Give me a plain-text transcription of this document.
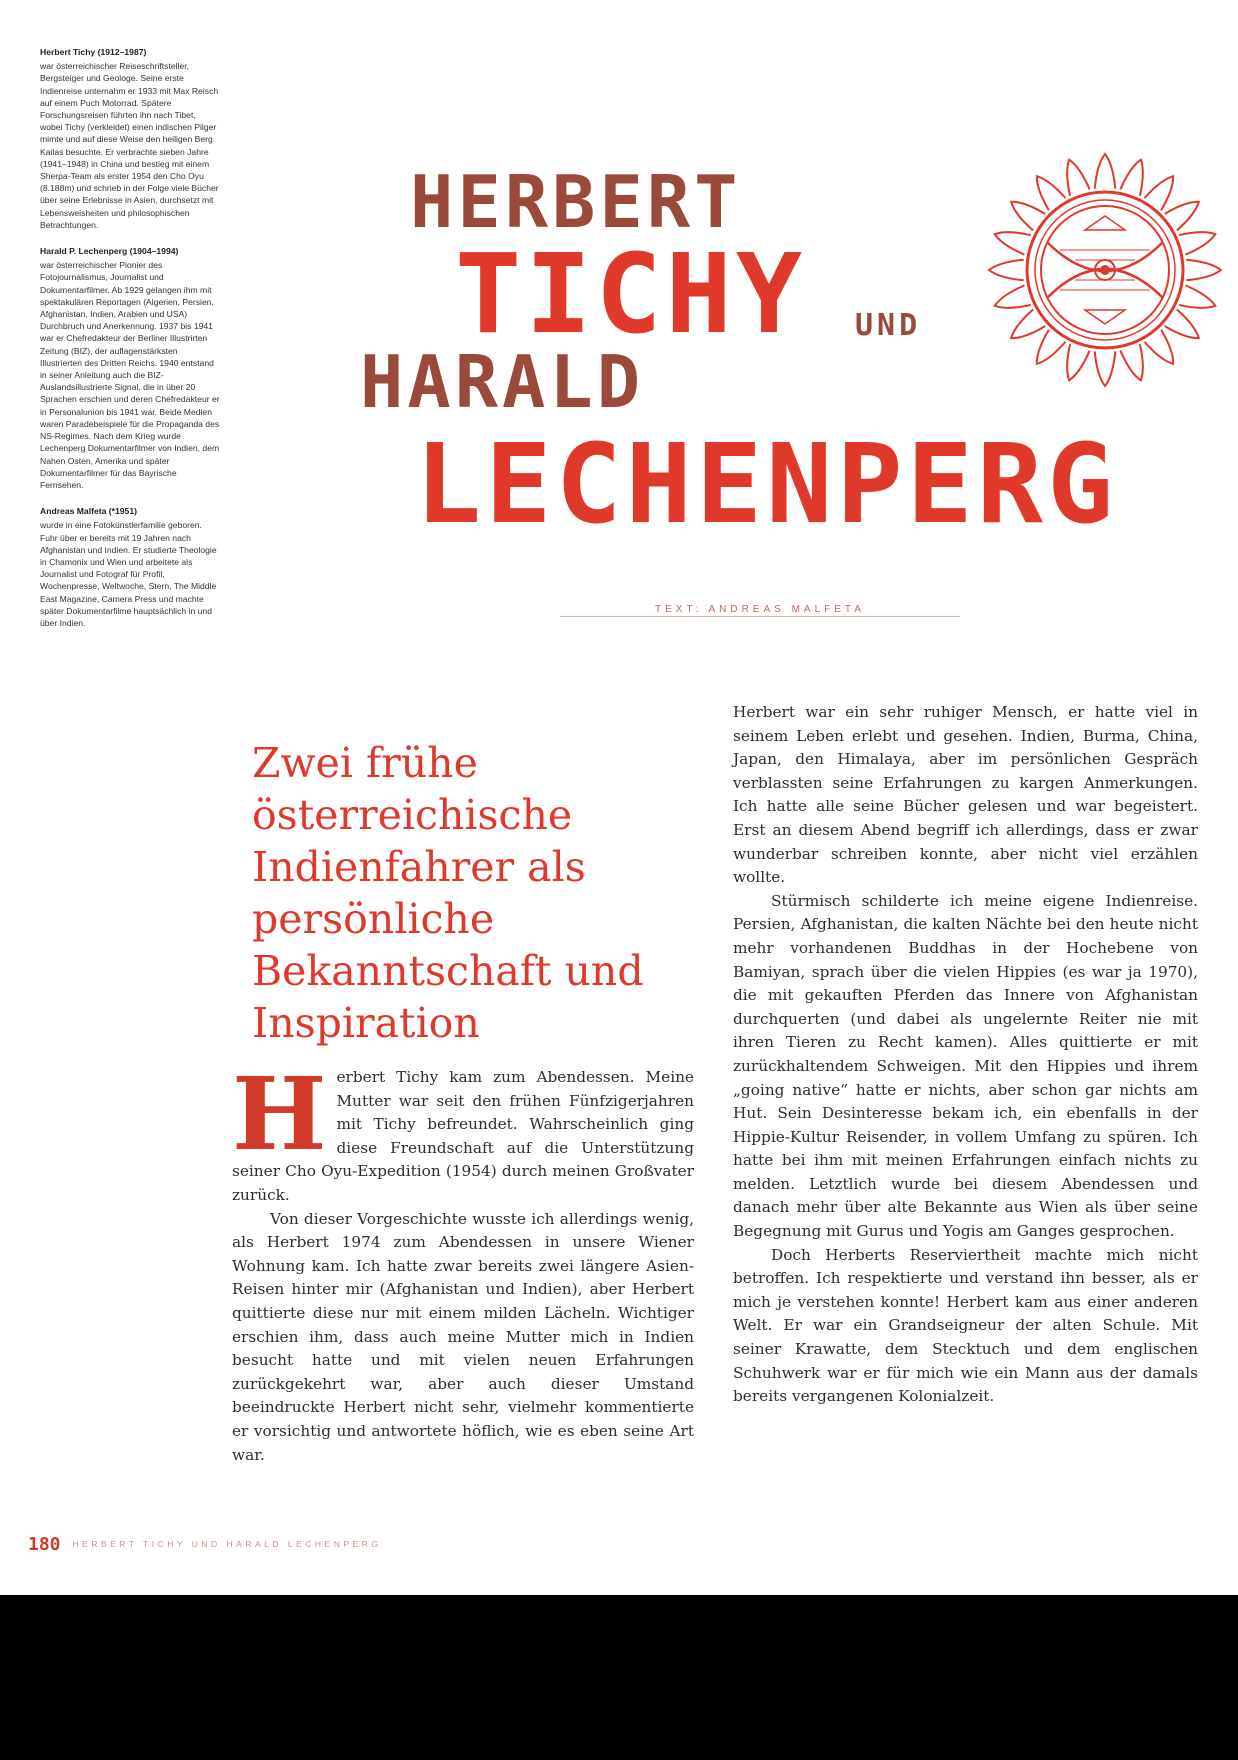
Herbert Tichy (1912–1987)

war österreichischer Reiseschriftsteller, Bergsteiger und Geologe. Seine erste Indienreise unternahm er 1933 mit Max Reisch auf einem Puch Motorrad. Spätere Forschungsreisen führten ihn nach Tibet, wobei Tichy (verkleidet) einen indischen Pilger mimte und auf diese Weise den heiligen Berg Kailas besuchte. Er verbrachte sieben Jahre (1941–1948) in China und bestieg mit einem Sherpa-Team als erster 1954 den Cho Oyu (8.188m) und schrieb in der Folge viele Bücher über seine Erlebnisse in Asien, durchsetzt mit Lebensweisheiten und philosophischen Betrachtungen.

Harald P. Lechenperg (1904–1994)

war österreichischer Pionier des Fotojournalismus, Journalist und Dokumentarfilmer. Ab 1929 gelangen ihm mit spektakulären Reportagen (Algerien, Persien, Afghanistan, Indien, Arabien und USA) Durchbruch und Anerkennung. 1937 bis 1941 war er Chefredakteur der Berliner Illustrirten Zeitung (BIZ), der auflagenstärksten Illustrierten des Dritten Reichs. 1940 entstand in seiner Anleitung auch die BIZ-Auslandsillustrierte Signal, die in über 20 Sprachen erschien und deren Chefredakteur er in Personalunion bis 1941 war. Beide Medien waren Paradebeispiele für die Propaganda des NS-Regimes. Nach dem Krieg wurde Lechenperg Dokumentarfilmer von Indien, dem Nahen Osten, Amerika und später Dokumentarfilmer für das Bayrische Fernsehen.

Andreas Malfeta (*1951)

wurde in eine Fotokünstlerfamilie geboren. Fuhr über er bereits mit 19 Jahren nach Afghanistan und Indien. Er studierte Theologie in Chamonix und Wien und arbeitete als Journalist und Fotograf für Profil, Wochenpresse, Weltwoche, Stern, The Middle East Magazine, Camera Press und machte später Dokumentarfilme hauptsächlich in und über Indien.

HERBERT
TICHY UND
HARALD
LECHENPERG
TEXT: ANDREAS MALFETA
Zwei frühe österreichische Indienfahrer als persönliche Bekanntschaft und Inspiration

Herbert Tichy kam zum Abendessen. Meine Mutter war seit den frühen Fünfzigerjahren mit Tichy befreundet. Wahrscheinlich ging diese Freundschaft auf die Unterstützung seiner Cho Oyu-Expedition (1954) durch meinen Großvater zurück.

Von dieser Vorgeschichte wusste ich allerdings wenig, als Herbert 1974 zum Abendessen in unsere Wiener Wohnung kam. Ich hatte zwar bereits zwei längere Asien-Reisen hinter mir (Afghanistan und Indien), aber Herbert quittierte diese nur mit einem milden Lächeln. Wichtiger erschien ihm, dass auch meine Mutter mich in Indien besucht hatte und mit vielen neuen Erfahrungen zurückgekehrt war, aber auch dieser Umstand beeindruckte Herbert nicht sehr, vielmehr kommentierte er vorsichtig und antwortete höflich, wie es eben seine Art war.

Herbert war ein sehr ruhiger Mensch, er hatte viel in seinem Leben erlebt und gesehen. Indien, Burma, China, Japan, den Himalaya, aber im persönlichen Gespräch verblassten seine Erfahrungen zu kargen Anmerkungen. Ich hatte alle seine Bücher gelesen und war begeistert. Erst an diesem Abend begriff ich allerdings, dass er zwar wunderbar schreiben konnte, aber nicht viel erzählen wollte.

Stürmisch schilderte ich meine eigene Indienreise. Persien, Afghanistan, die kalten Nächte bei den heute nicht mehr vorhandenen Buddhas in der Hochebene von Bamiyan, sprach über die vielen Hippies (es war ja 1970), die mit gekauften Pferden das Innere von Afghanistan durchquerten (und dabei als ungelernte Reiter nie mit ihren Tieren zu Recht kamen). Alles quittierte er mit zurückhaltendem Schweigen. Mit den Hippies und ihrem „going native“ hatte er nichts, aber schon gar nichts am Hut. Sein Desinteresse bekam ich, ein ebenfalls in der Hippie-Kultur Reisender, in vollem Umfang zu spüren. Ich hatte bei ihm mit meinen Erfahrungen einfach nichts zu melden. Letztlich wurde bei diesem Abendessen und danach mehr über alte Bekannte aus Wien als über seine Begegnung mit Gurus und Yogis am Ganges gesprochen.

Doch Herberts Reserviertheit machte mich nicht betroffen. Ich respektierte und verstand ihn besser, als er mich je verstehen konnte! Herbert kam aus einer anderen Welt. Er war ein Grandseigneur der alten Schule. Mit seiner Krawatte, dem Stecktuch und dem englischen Schuhwerk war er für mich wie ein Mann aus der damals bereits vergangenen Kolonialzeit.

180 HERBERT TICHY UND HARALD LECHENPERG
